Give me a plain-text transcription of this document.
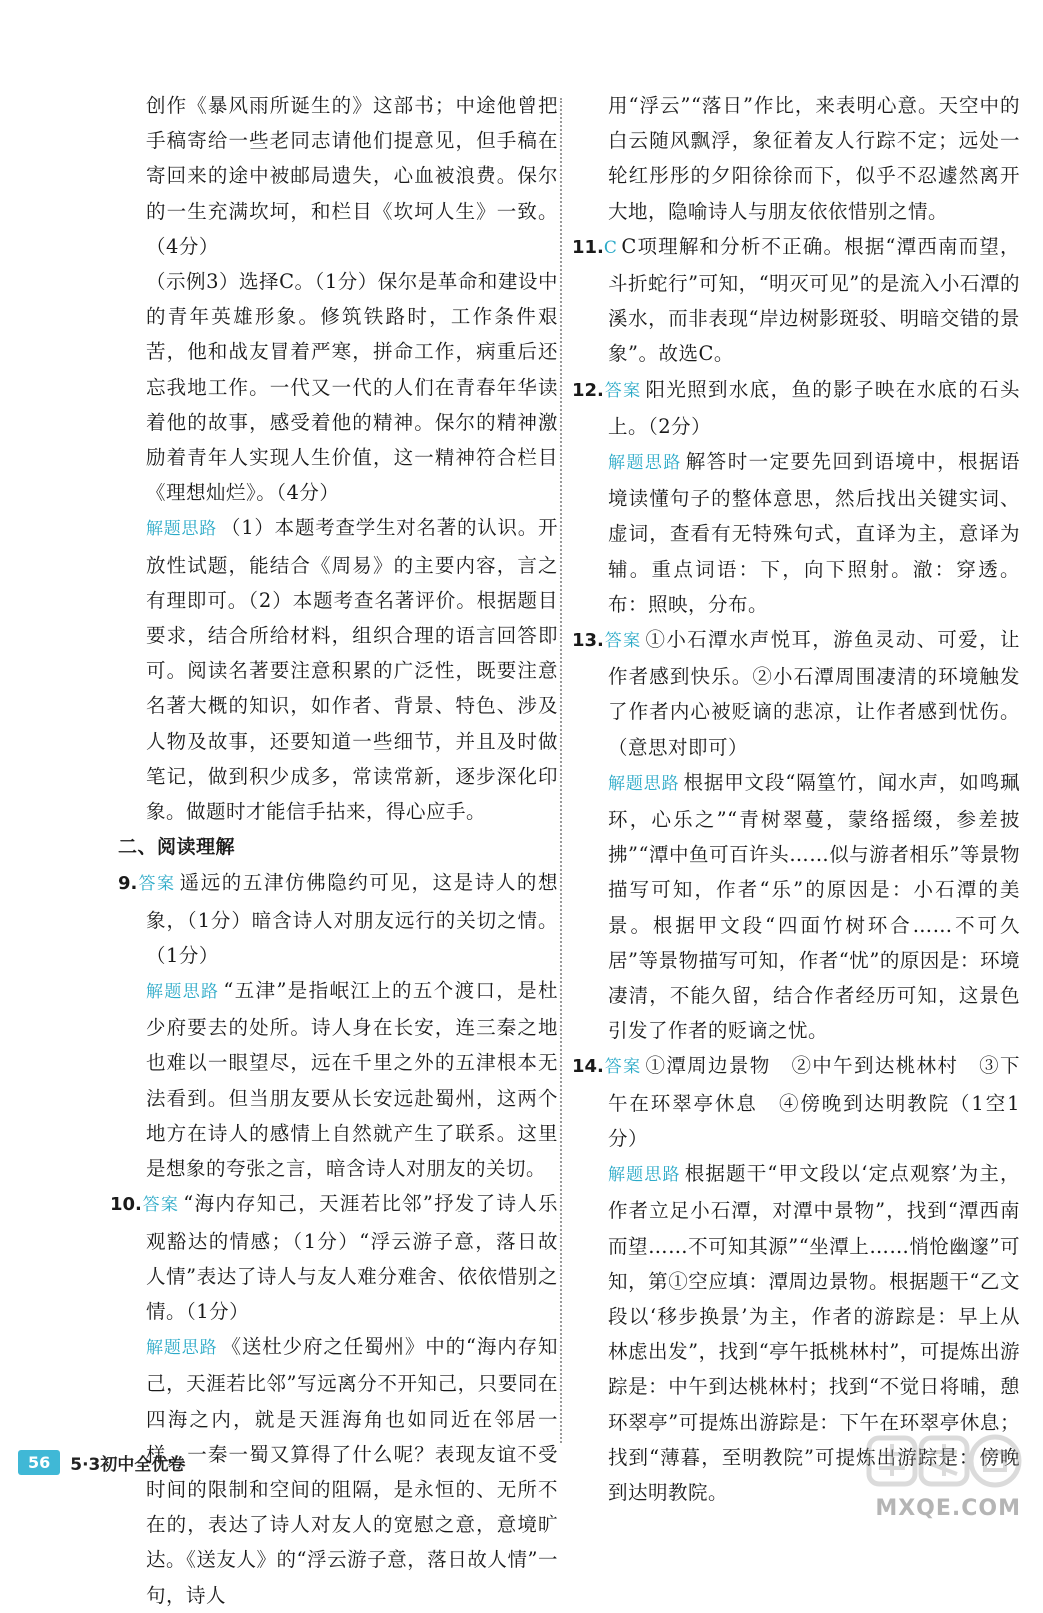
创作《暴风雨所诞生的》这部书；中途他曾把手稿寄给一些老同志请他们提意见，但手稿在寄回来的途中被邮局遗失，心血被浪费。保尔的一生充满坎坷，和栏目《坎坷人生》一致。（4分）

（示例3）选择C。（1分）保尔是革命和建设中的青年英雄形象。修筑铁路时，工作条件艰苦，他和战友冒着严寒，拼命工作，病重后还忘我地工作。一代又一代的人们在青春年华读着他的故事，感受着他的精神。保尔的精神激励着青年人实现人生价值，这一精神符合栏目《理想灿烂》。（4分）

解题思路 （1）本题考查学生对名著的认识。开放性试题，能结合《周易》的主要内容，言之有理即可。（2）本题考查名著评价。根据题目要求，结合所给材料，组织合理的语言回答即可。阅读名著要注意积累的广泛性，既要注意名著大概的知识，如作者、背景、特色、涉及人物及故事，还要知道一些细节，并且及时做笔记，做到积少成多，常读常新，逐步深化印象。做题时才能信手拈来，得心应手。

二、阅读理解

9.答案 遥远的五津仿佛隐约可见，这是诗人的想象，（1分）暗含诗人对朋友远行的关切之情。（1分）

解题思路 “五津”是指岷江上的五个渡口，是杜少府要去的处所。诗人身在长安，连三秦之地也难以一眼望尽，远在千里之外的五津根本无法看到。但当朋友要从长安远赴蜀州，这两个地方在诗人的感情上自然就产生了联系。这里是想象的夸张之言，暗含诗人对朋友的关切。

10.答案 “海内存知己，天涯若比邻”抒发了诗人乐观豁达的情感；（1分）“浮云游子意，落日故人情”表达了诗人与友人难分难舍、依依惜别之情。（1分）

解题思路 《送杜少府之任蜀州》中的“海内存知己，天涯若比邻”写远离分不开知己，只要同在四海之内，就是天涯海角也如同近在邻居一样，一秦一蜀又算得了什么呢？表现友谊不受时间的限制和空间的阻隔，是永恒的、无所不在的，表达了诗人对友人的宽慰之意，意境旷达。《送友人》的“浮云游子意，落日故人情”一句，诗人

用“浮云”“落日”作比，来表明心意。天空中的白云随风飘浮，象征着友人行踪不定；远处一轮红彤彤的夕阳徐徐而下，似乎不忍遽然离开大地，隐喻诗人与朋友依依惜别之情。

11.C C项理解和分析不正确。根据“潭西南而望，斗折蛇行”可知，“明灭可见”的是流入小石潭的溪水，而非表现“岸边树影斑驳、明暗交错的景象”。故选C。

12.答案 阳光照到水底，鱼的影子映在水底的石头上。（2分）

解题思路 解答时一定要先回到语境中，根据语境读懂句子的整体意思，然后找出关键实词、虚词，查看有无特殊句式，直译为主，意译为辅。重点词语：下，向下照射。澈：穿透。布：照映，分布。

13.答案 ①小石潭水声悦耳，游鱼灵动、可爱，让作者感到快乐。②小石潭周围凄清的环境触发了作者内心被贬谪的悲凉，让作者感到忧伤。（意思对即可）

解题思路 根据甲文段“隔篁竹，闻水声，如鸣珮环，心乐之”“青树翠蔓，蒙络摇缀，参差披拂”“潭中鱼可百许头……似与游者相乐”等景物描写可知，作者“乐”的原因是：小石潭的美景。根据甲文段“四面竹树环合……不可久居”等景物描写可知，作者“忧”的原因是：环境凄清，不能久留，结合作者经历可知，这景色引发了作者的贬谪之忧。

14.答案 ①潭周边景物　②中午到达桃林村　③下午在环翠亭休息　④傍晚到达明教院（1空1分）

解题思路 根据题干“甲文段以‘定点观察’为主，作者立足小石潭，对潭中景物”，找到“潭西南而望……不可知其源”“坐潭上……悄怆幽邃”可知，第①空应填：潭周边景物。根据题干“乙文段以‘移步换景’为主，作者的游踪是：早上从林虑出发”，找到“亭午抵桃林村”，可提炼出游踪是：中午到达桃林村；找到“不觉日将晡，憩环翠亭”可提炼出游踪是：下午在环翠亭休息；找到“薄暮，至明教院”可提炼出游踪是：傍晚到达明教院。

56	5·3初中全优卷
MXQE.COM
